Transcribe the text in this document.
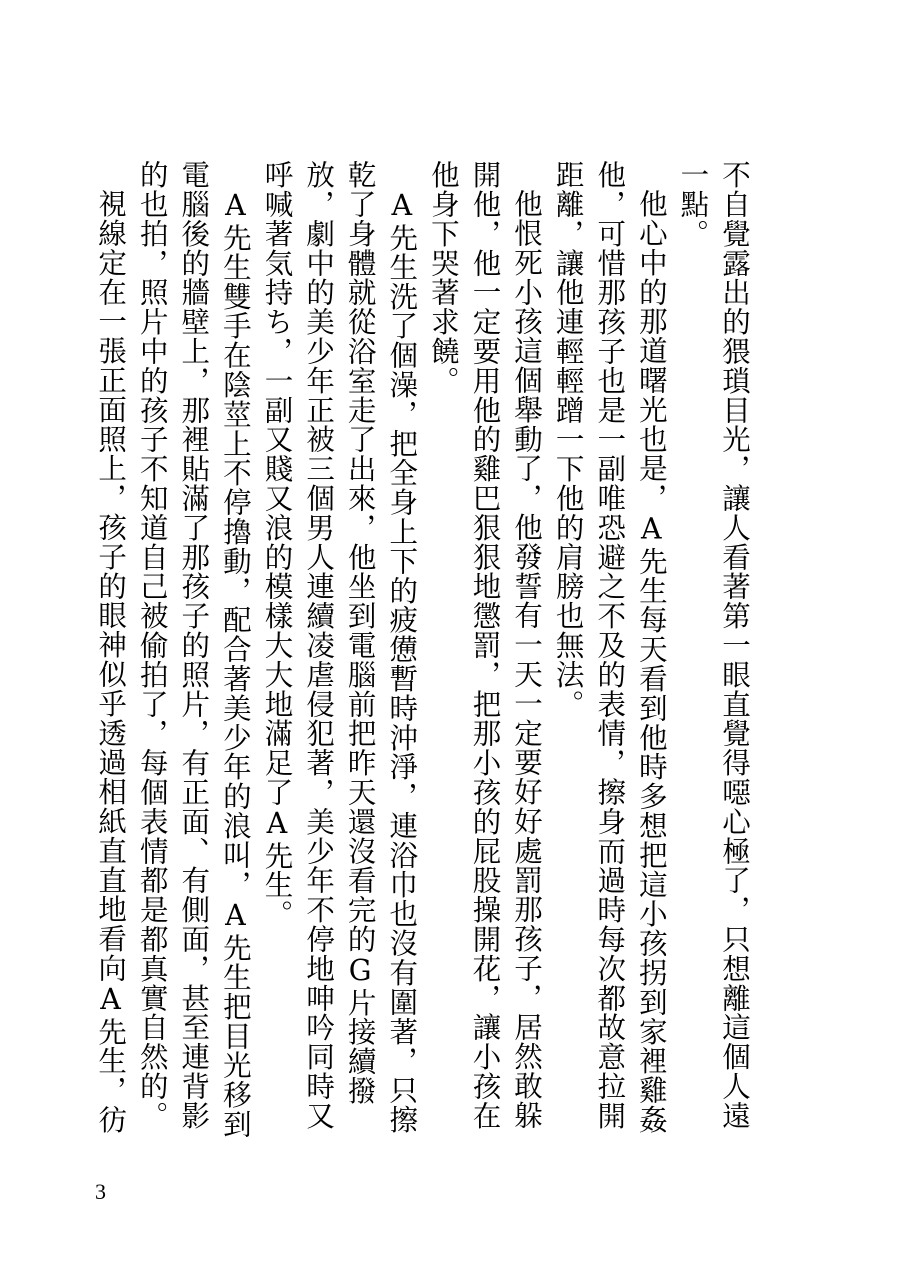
不自覺露出的猥瑣目光，讓人看著第一眼直覺得噁心極了，只想離這個人遠一點。

他心中的那道曙光也是，A先生每天看到他時多想把這小孩拐到家裡雞姦他，可惜那孩子也是一副唯恐避之不及的表情，擦身而過時每次都故意拉開距離，讓他連輕輕蹭一下他的肩膀也無法。

他恨死小孩這個舉動了，他發誓有一天一定要好好處罰那孩子，居然敢躲開他，他一定要用他的雞巴狠狠地懲罰，把那小孩的屁股操開花，讓小孩在他身下哭著求饒。

A先生洗了個澡，把全身上下的疲憊暫時沖淨，連浴巾也沒有圍著，只擦乾了身體就從浴室走了出來，他坐到電腦前把昨天還沒看完的G片接續撥放，劇中的美少年正被三個男人連續凌虐侵犯著，美少年不停地呻吟同時又呼喊著気持ち，一副又賤又浪的模樣大大地滿足了A先生。

A先生雙手在陰莖上不停擼動，配合著美少年的浪叫，A先生把目光移到電腦後的牆壁上，那裡貼滿了那孩子的照片，有正面、有側面，甚至連背影的也拍，照片中的孩子不知道自己被偷拍了，每個表情都是都真實自然的。

視線定在一張正面照上，孩子的眼神似乎透過相紙直直地看向A先生，彷

3
